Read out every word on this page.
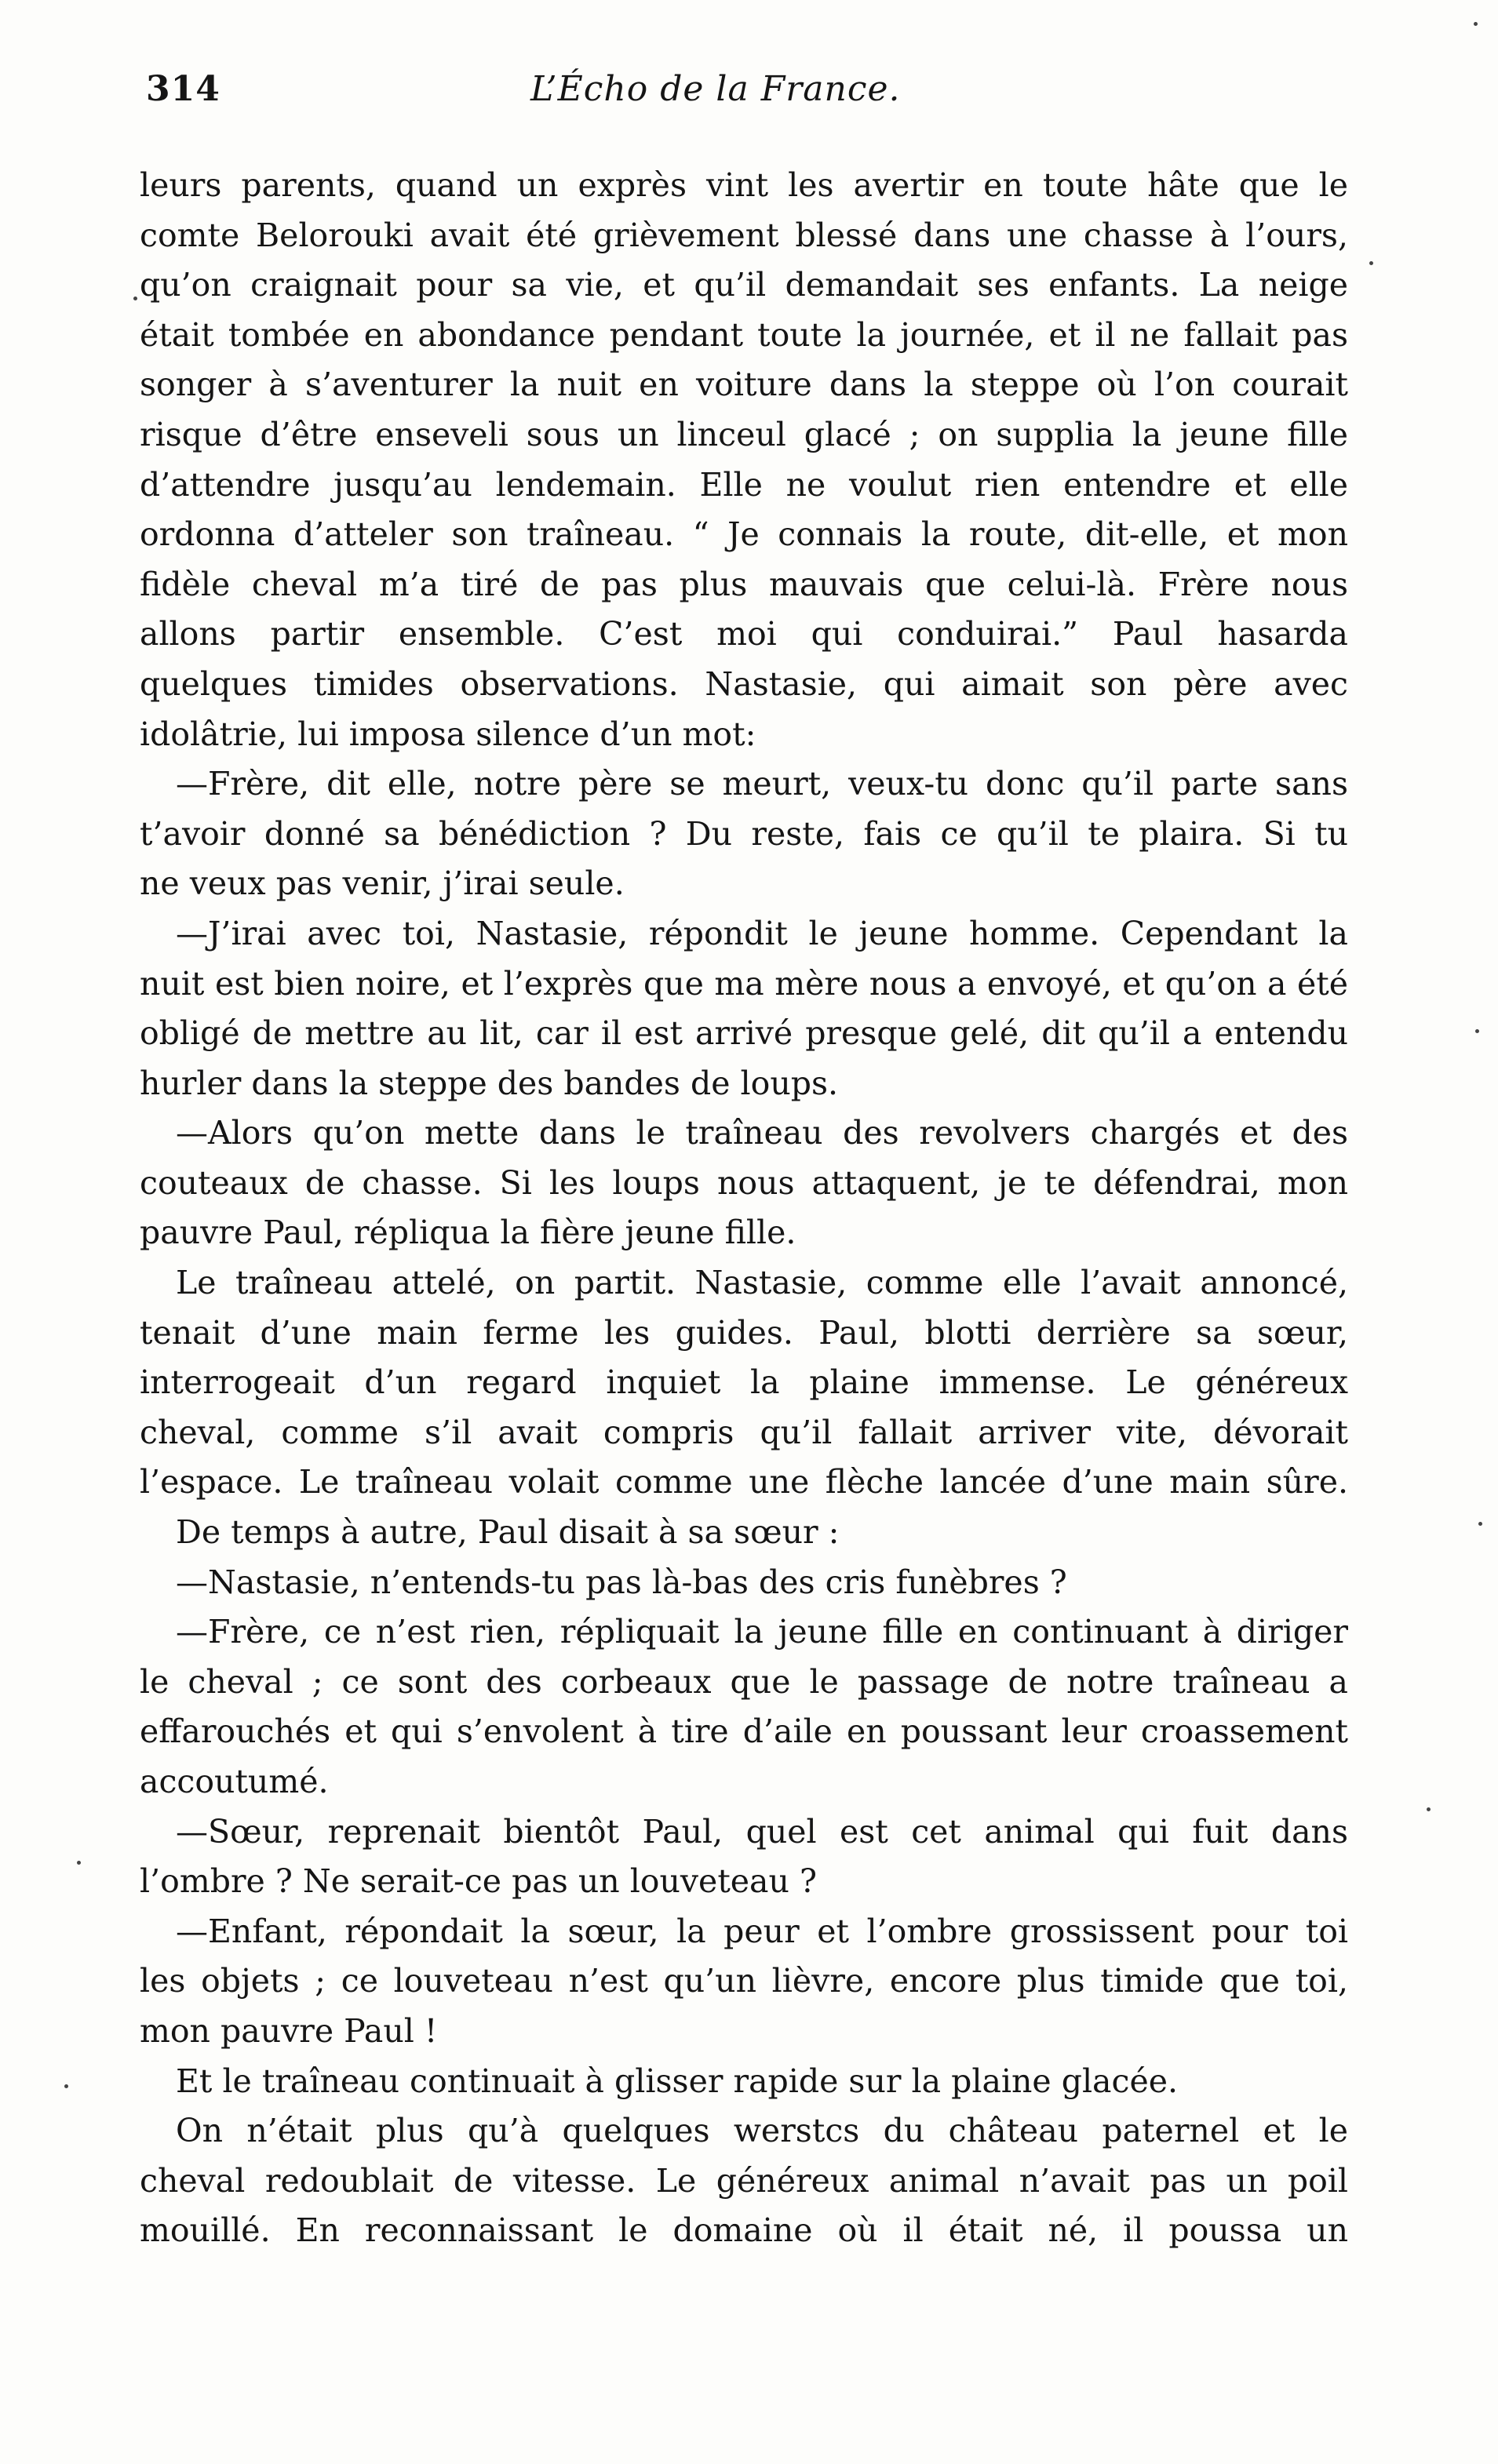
314	L’Écho de la France.
leurs parents, quand un exprès vint les avertir en toute hâte que le
comte Belorouki avait été grièvement blessé dans une chasse à l’ours,
qu’on craignait pour sa vie, et qu’il demandait ses enfants. La neige
était tombée en abondance pendant toute la journée, et il ne fallait pas
songer à s’aventurer la nuit en voiture dans la steppe où l’on courait
risque d’être enseveli sous un linceul glacé ; on supplia la jeune fille
d’attendre jusqu’au lendemain. Elle ne voulut rien entendre et elle
ordonna d’atteler son traîneau. “ Je connais la route, dit-elle, et mon
fidèle cheval m’a tiré de pas plus mauvais que celui-là. Frère nous
allons partir ensemble. C’est moi qui conduirai.” Paul hasarda
quelques timides observations. Nastasie, qui aimait son père avec
idolâtrie, lui imposa silence d’un mot:
—Frère, dit elle, notre père se meurt, veux-tu donc qu’il parte sans
t’avoir donné sa bénédiction ? Du reste, fais ce qu’il te plaira. Si tu
ne veux pas venir, j’irai seule.
—J’irai avec toi, Nastasie, répondit le jeune homme. Cependant la
nuit est bien noire, et l’exprès que ma mère nous a envoyé, et qu’on a été
obligé de mettre au lit, car il est arrivé presque gelé, dit qu’il a entendu
hurler dans la steppe des bandes de loups.
—Alors qu’on mette dans le traîneau des revolvers chargés et des
couteaux de chasse. Si les loups nous attaquent, je te défendrai, mon
pauvre Paul, répliqua la fière jeune fille.
Le traîneau attelé, on partit. Nastasie, comme elle l’avait annoncé,
tenait d’une main ferme les guides. Paul, blotti derrière sa sœur,
interrogeait d’un regard inquiet la plaine immense. Le généreux
cheval, comme s’il avait compris qu’il fallait arriver vite, dévorait
l’espace. Le traîneau volait comme une flèche lancée d’une main sûre.
De temps à autre, Paul disait à sa sœur :
—Nastasie, n’entends-tu pas là-bas des cris funèbres ?
—Frère, ce n’est rien, répliquait la jeune fille en continuant à diriger
le cheval ; ce sont des corbeaux que le passage de notre traîneau a
effarouchés et qui s’envolent à tire d’aile en poussant leur croassement
accoutumé.
—Sœur, reprenait bientôt Paul, quel est cet animal qui fuit dans
l’ombre ? Ne serait-ce pas un louveteau ?
—Enfant, répondait la sœur, la peur et l’ombre grossissent pour toi
les objets ; ce louveteau n’est qu’un lièvre, encore plus timide que toi,
mon pauvre Paul !
Et le traîneau continuait à glisser rapide sur la plaine glacée.
On n’était plus qu’à quelques werstcs du château paternel et le
cheval redoublait de vitesse. Le généreux animal n’avait pas un poil
mouillé. En reconnaissant le domaine où il était né, il poussa un
